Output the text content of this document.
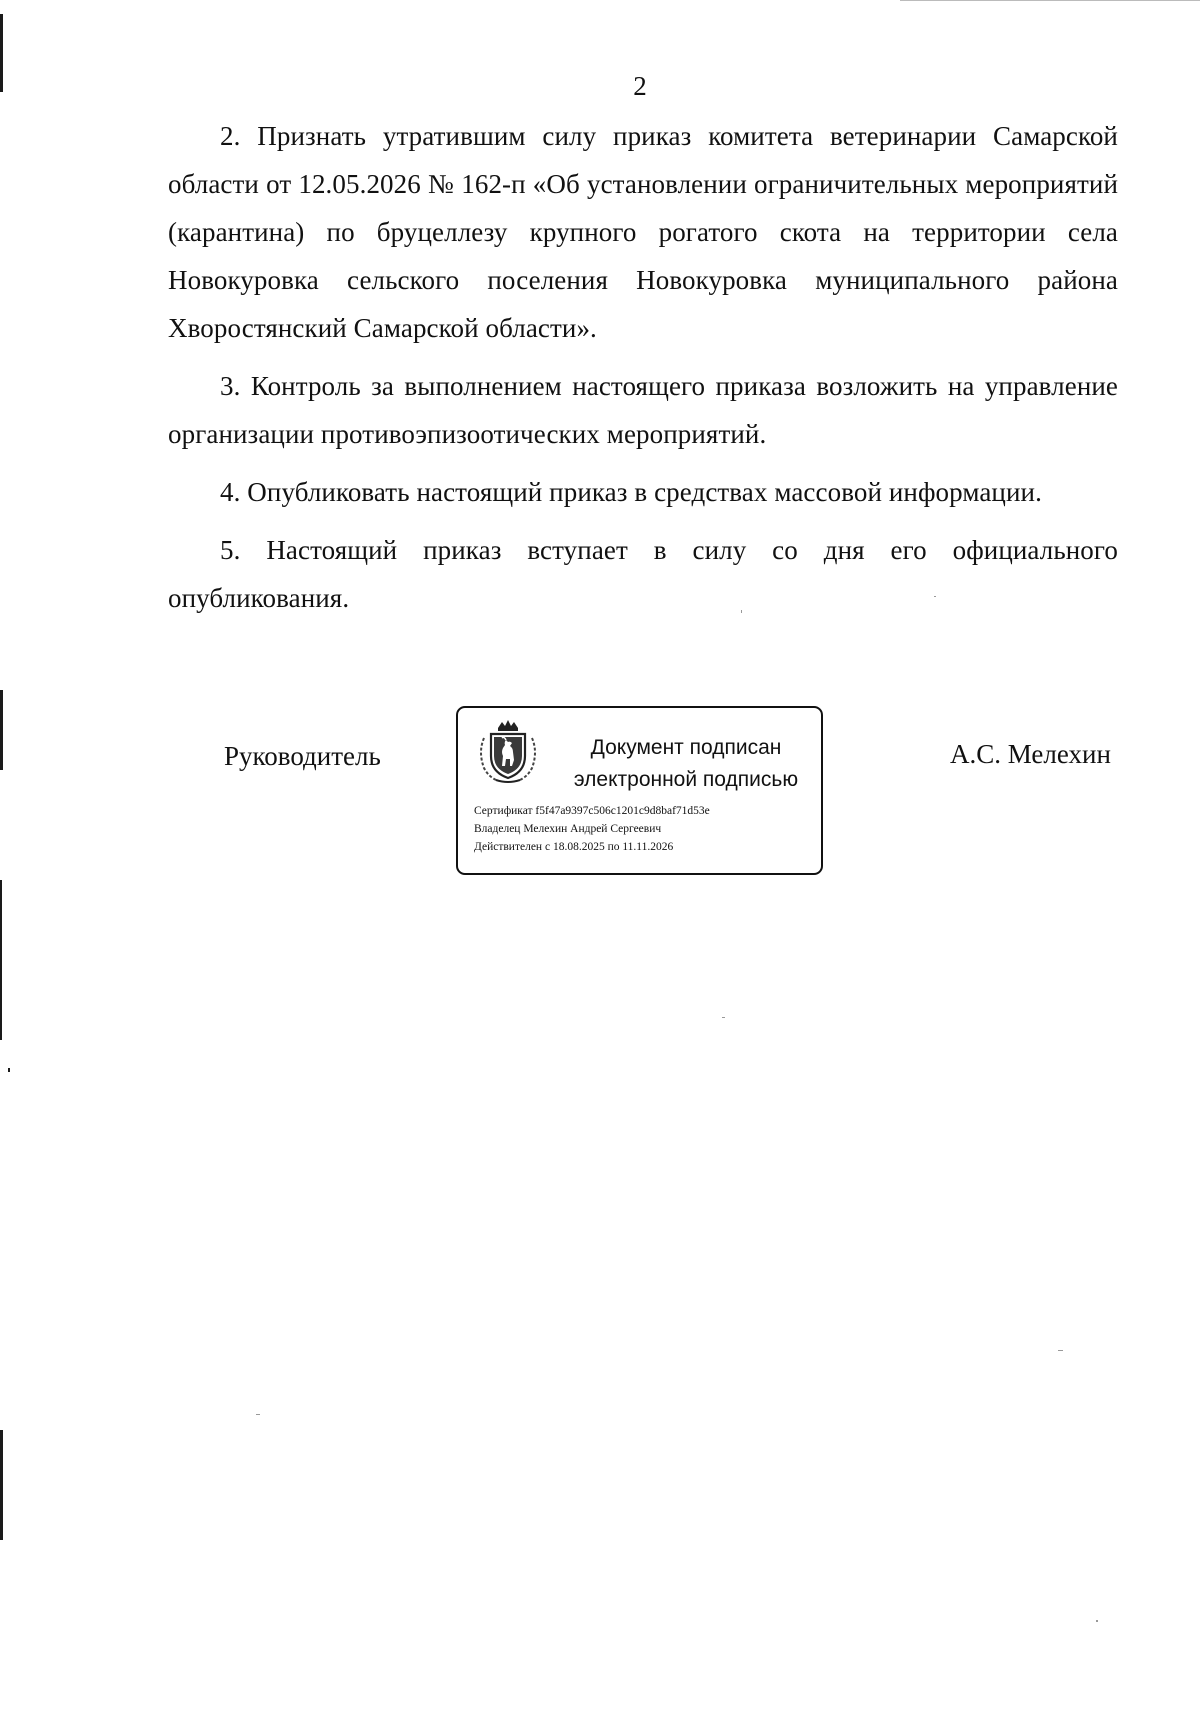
2

2. Признать утратившим силу приказ комитета ветеринарии Самарской области от 12.05.2026 № 162-п «Об установлении ограничительных мероприятий (карантина) по бруцеллезу крупного рогатого скота на территории села Новокуровка сельского поселения Новокуровка муниципального района Хворостянский Самарской области».

3. Контроль за выполнением настоящего приказа возложить на управление организации противоэпизоотических мероприятий.

4. Опубликовать настоящий приказ в средствах массовой информации.

5. Настоящий приказ вступает в силу со дня его официального опубликования.

Руководитель	Документ подписан
электронной подписью
Сертификат f5f47a9397c506c1201c9d8baf71d53e
Владелец Мелехин Андрей Сергеевич
Действителен с 18.08.2025 по 11.11.2026
А.С. Мелехин
